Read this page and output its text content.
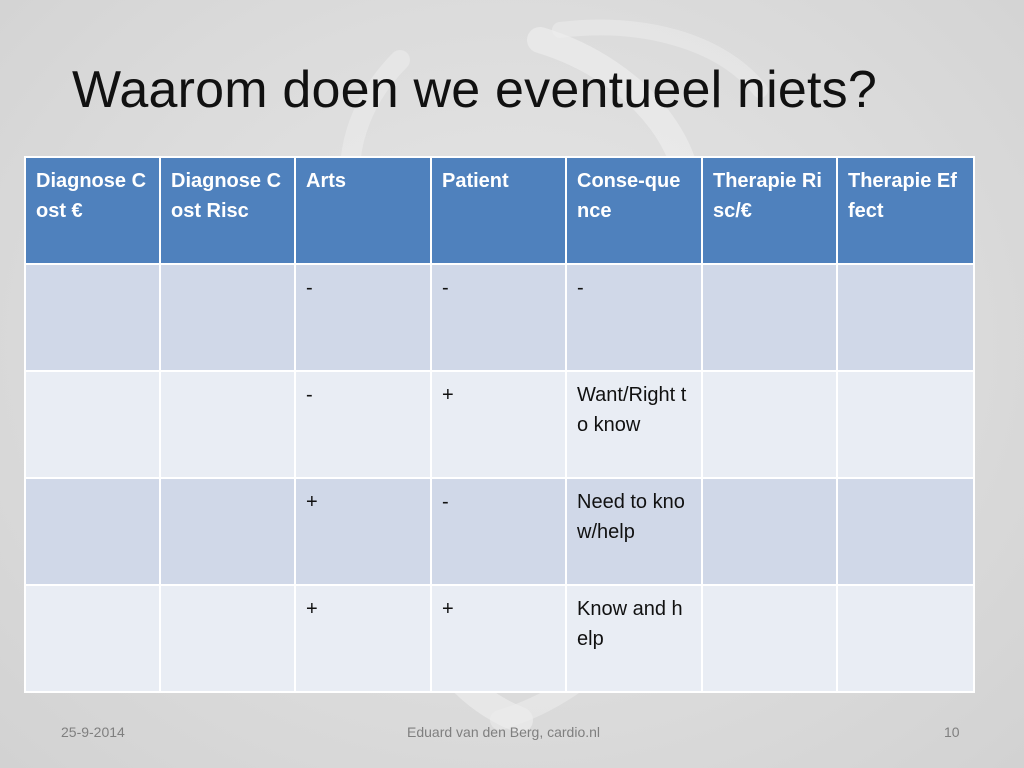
Waarom doen we eventueel niets?
Diagnose Cost €	Diagnose Cost Risc	Arts	Patient	Conse-quence	Therapie Risc/€	Therapie Effect
		-	-	-		
		-	+	Want/Right to know		
		+	-	Need to know/help		
		+	+	Know and help		
25-9-2014	Eduard van den Berg, cardio.nl	10
